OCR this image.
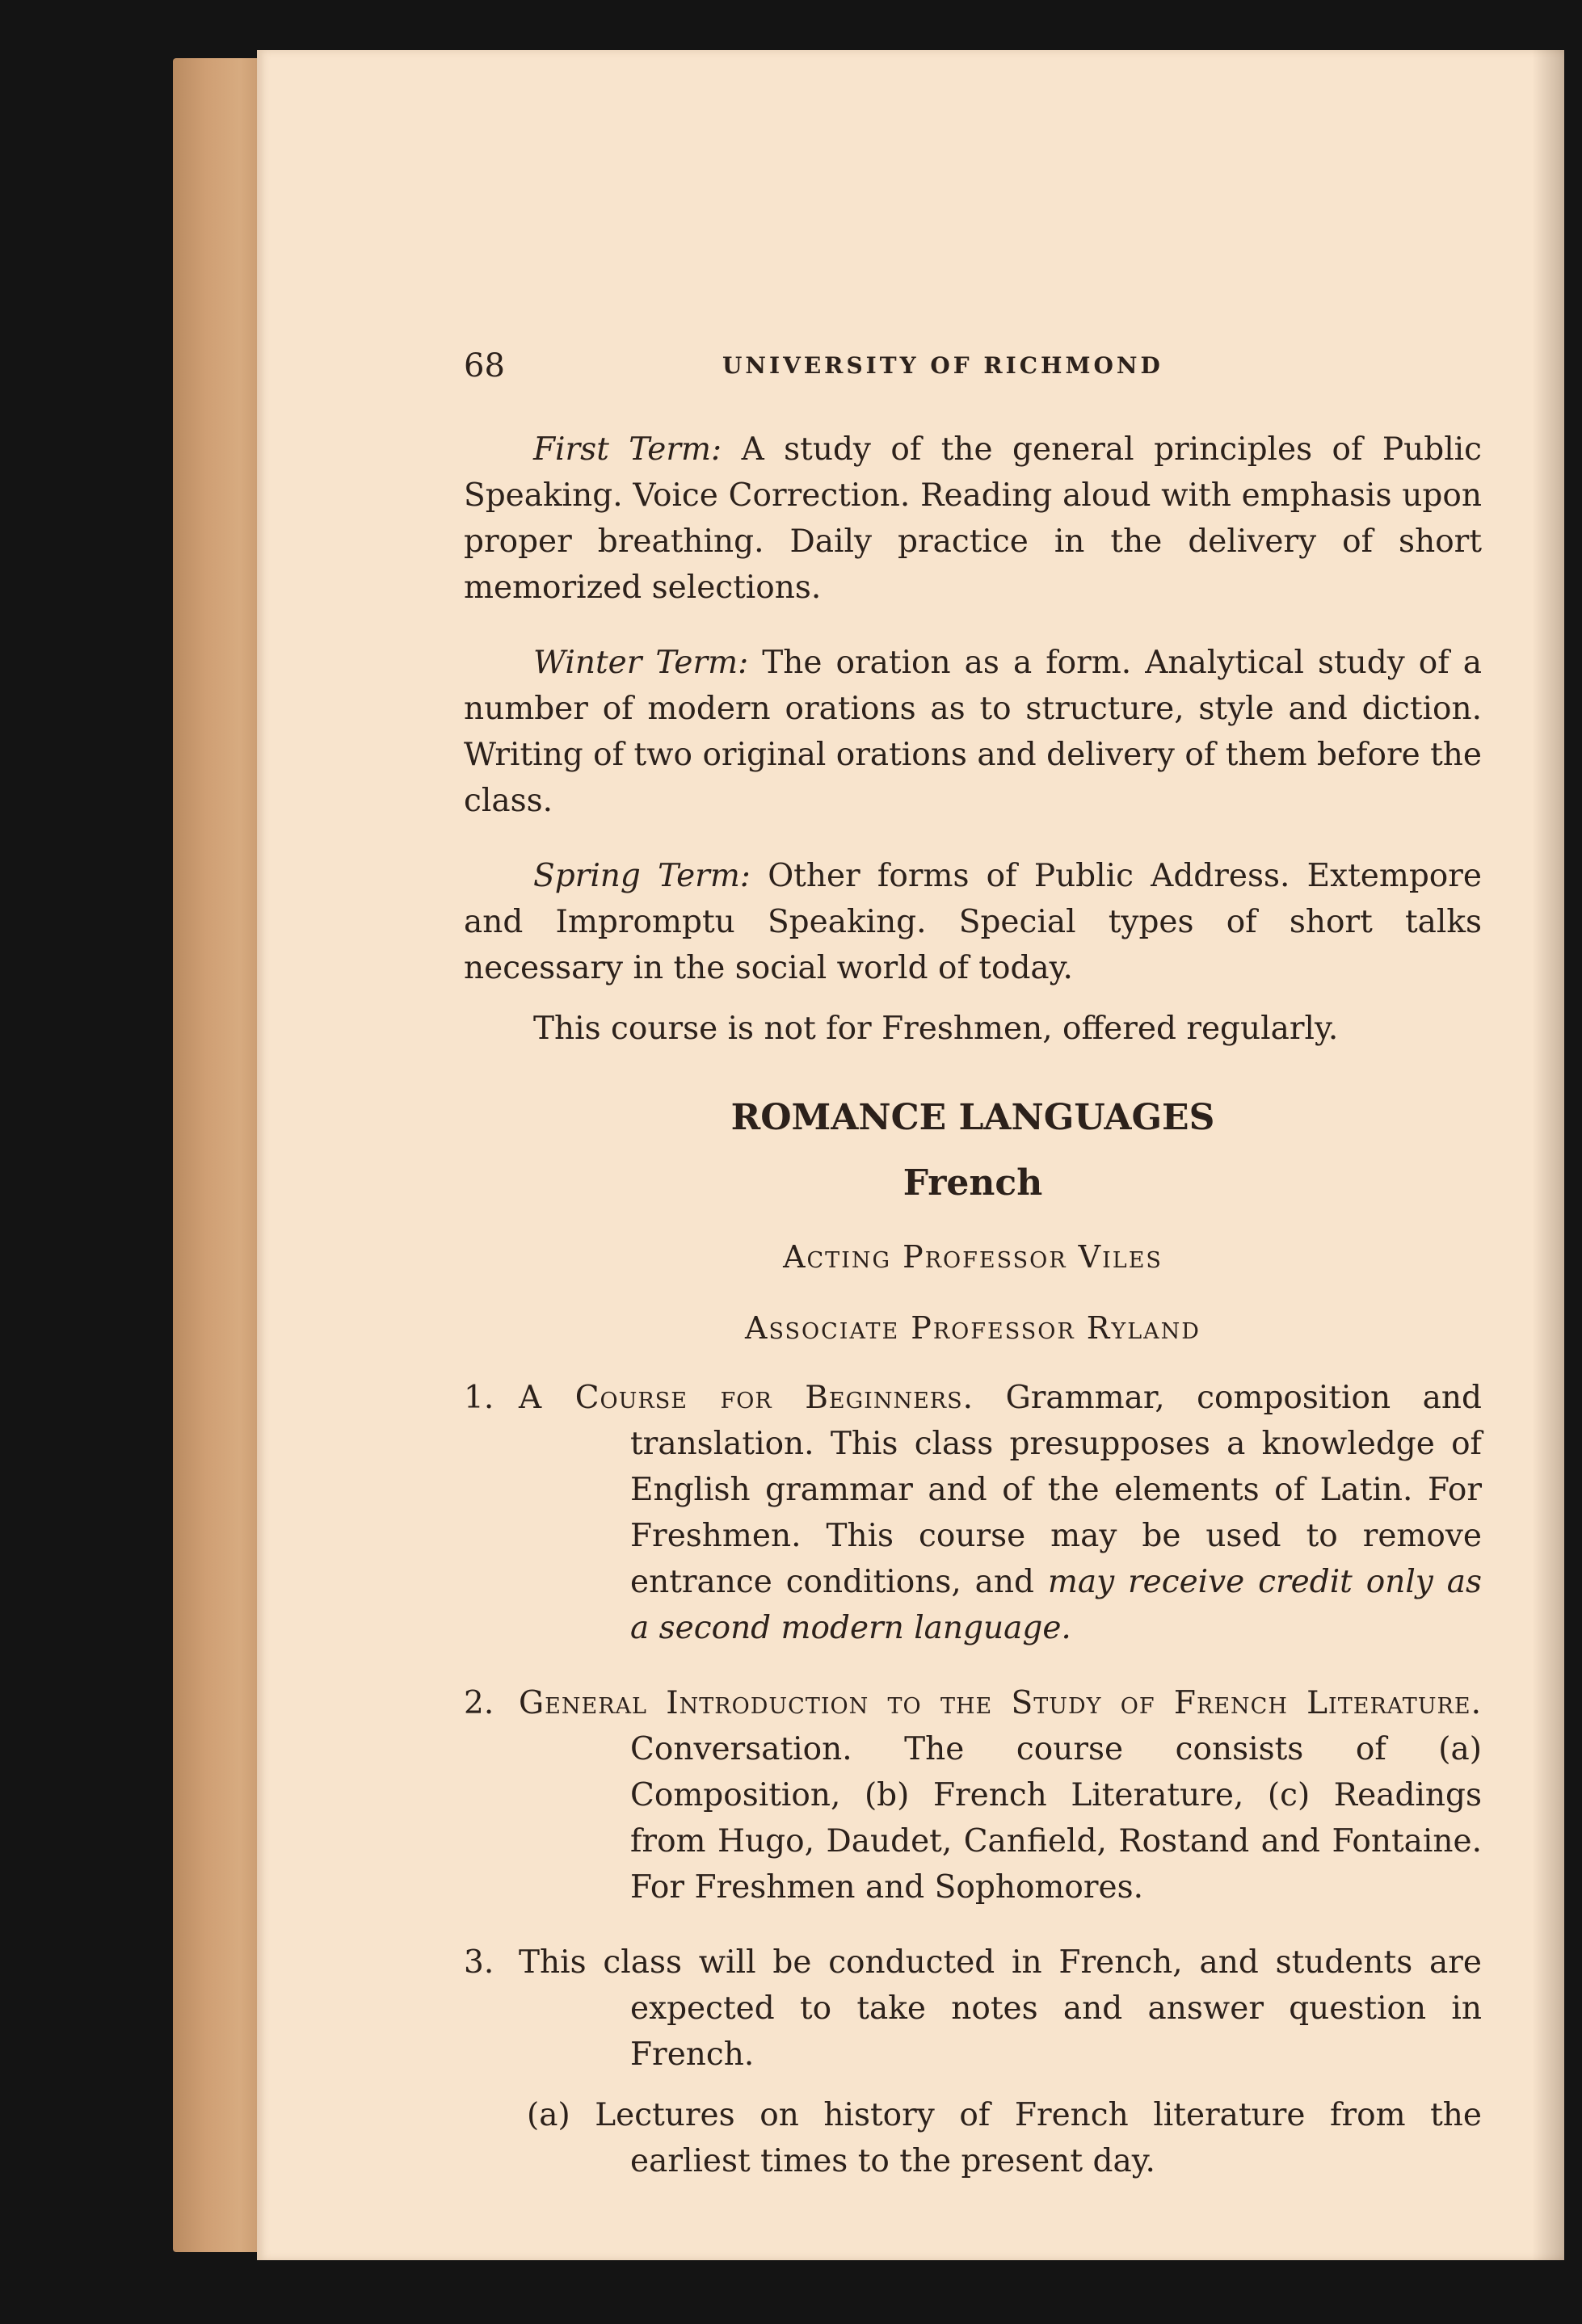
68	UNIVERSITY OF RICHMOND

First Term: A study of the general principles of Public Speaking. Voice Correction. Reading aloud with emphasis upon proper breathing. Daily practice in the delivery of short memorized selections.

Winter Term: The oration as a form. Analytical study of a number of modern orations as to structure, style and diction. Writing of two original orations and delivery of them before the class.

Spring Term: Other forms of Public Address. Extempore and Impromptu Speaking. Special types of short talks necessary in the social world of today.

This course is not for Freshmen, offered regularly.

ROMANCE LANGUAGES
French
Acting Professor Viles
Associate Professor Ryland

1. A Course for Beginners. Grammar, composition and translation. This class presupposes a knowledge of English grammar and of the elements of Latin. For Freshmen. This course may be used to remove entrance conditions, and may receive credit only as a second modern language.

2. General Introduction to the Study of French Literature. Conversation. The course consists of (a) Composition, (b) French Literature, (c) Readings from Hugo, Daudet, Canfield, Rostand and Fontaine. For Freshmen and Sophomores.

3. This class will be conducted in French, and students are expected to take notes and answer question in French.

(a) Lectures on history of French literature from the earliest times to the present day.
